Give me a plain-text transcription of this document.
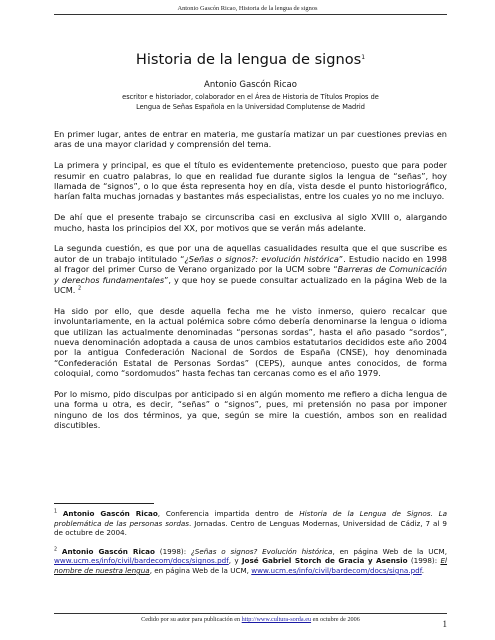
Antonio Gascón Ricao, Historia de la lengua de signos
Historia de la lengua de signos$^1$
Antonio Gascón Ricao
escritor e historiador, colaborador en el Área de Historia de Títulos Propios de
Lengua de Señas Española en la Universidad Complutense de Madrid

En primer lugar, antes de entrar en materia, me gustaría matizar un par cuestiones previas en aras de una mayor claridad y comprensión del tema.

La primera y principal, es que el título es evidentemente pretencioso, puesto que para poder resumir en cuatro palabras, lo que en realidad fue durante siglos la lengua de “señas”, hoy llamada de “signos”, o lo que ésta representa hoy en día, vista desde el punto historiográfico, harían falta muchas jornadas y bastantes más especialistas, entre los cuales yo no me incluyo.

De ahí que el presente trabajo se circunscriba casi en exclusiva al siglo XVIII o, alargando mucho, hasta los principios del XX, por motivos que se verán más adelante.

La segunda cuestión, es que por una de aquellas casualidades resulta que el que suscribe es autor de un trabajo intitulado “¿Señas o signos?: evolución histórica”. Estudio nacido en 1998 al fragor del primer Curso de Verano organizado por la UCM sobre “Barreras de Comunicación y derechos fundamentales”, y que hoy se puede consultar actualizado en la página Web de la UCM. $^2$

Ha sido por ello, que desde aquella fecha me he visto inmerso, quiero recalcar que involuntariamente, en la actual polémica sobre cómo debería denominarse la lengua o idioma que utilizan las actualmente denominadas “personas sordas”, hasta el año pasado “sordos”, nueva denominación adoptada a causa de unos cambios estatutarios decididos este año 2004 por la antigua Confederación Nacional de Sordos de España (CNSE), hoy denominada “Confederación Estatal de Personas Sordas” (CEPS), aunque antes conocidos, de forma coloquial, como “sordomudos” hasta fechas tan cercanas como es el año 1979.

Por lo mismo, pido disculpas por anticipado si en algún momento me refiero a dicha lengua de una forma u otra, es decir, “señas” o “signos”, pues, mi pretensión no pasa por imponer ninguno de los dos términos, ya que, según se mire la cuestión, ambos son en realidad discutibles.

$^1$ Antonio Gascón Ricao, Conferencia impartida dentro de Historia de la Lengua de Signos. La problemática de las personas sordas. Jornadas. Centro de Lenguas Modernas, Universidad de Cádiz, 7 al 9 de octubre de 2004.

$^2$ Antonio Gascón Ricao (1998): ¿Señas o signos? Evolución histórica, en página Web de la UCM, www.ucm.es/info/civil/bardecom/docs/signos.pdf, y José Gabriel Storch de Gracia y Asensio (1998): El nombre de nuestra lengua, en página Web de la UCM, www.ucm.es/info/civil/bardecom/docs/signa.pdf.

Cedido por su autor para publicación en http://www.cultura-sorda.eu en octubre de 2006	1
